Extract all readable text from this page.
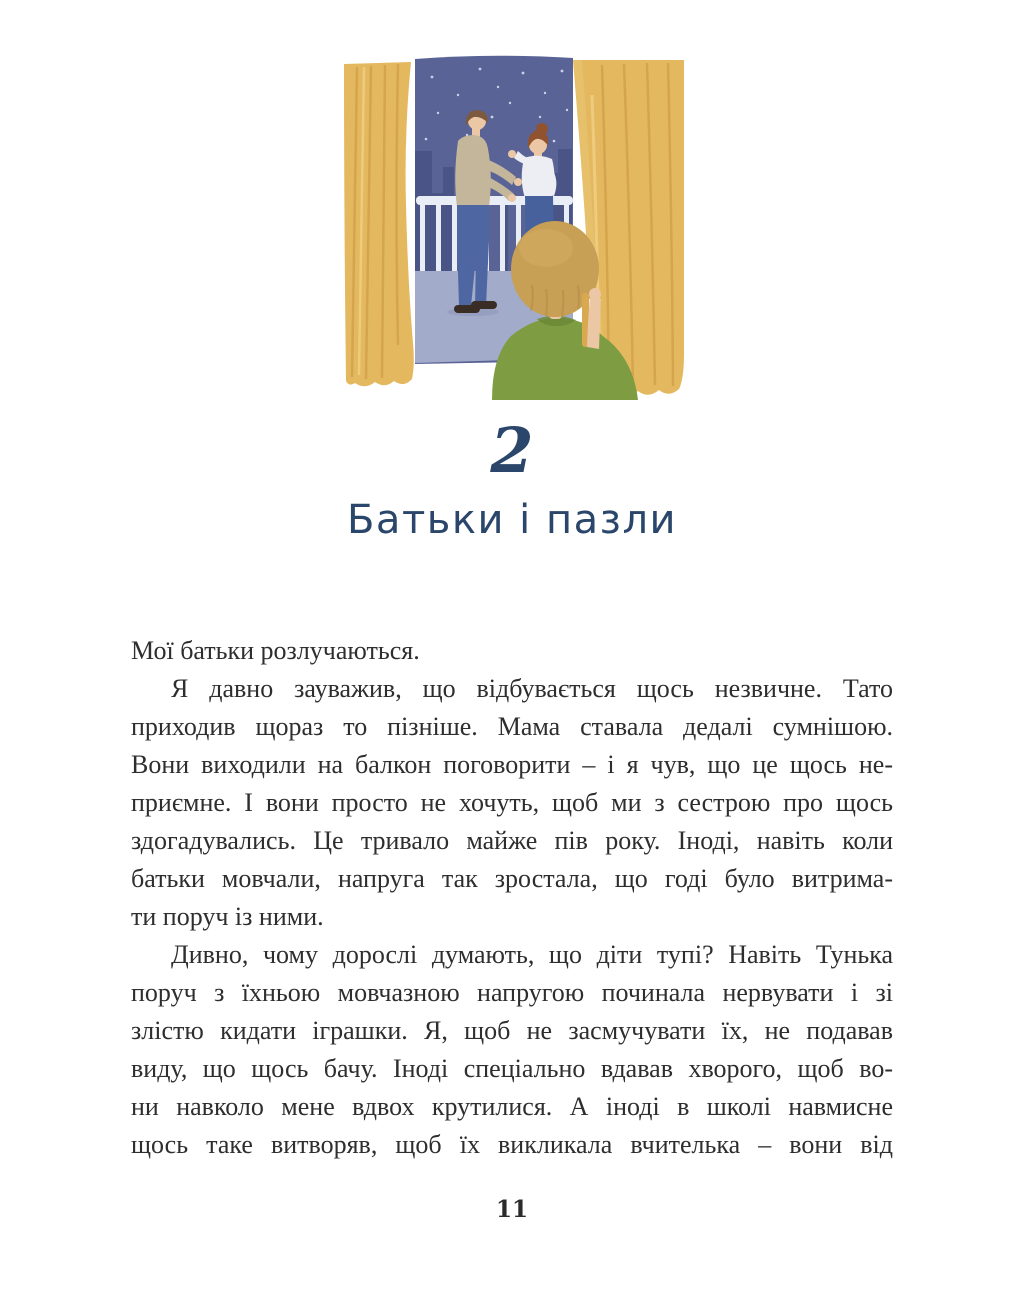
2
Батьки і пазли
Мої батьки розлучаються.
Я давно зауважив, що відбувається щось незвичне. Тато
приходив щораз то пізніше. Мама ставала дедалі сумнішою.
Вони виходили на балкон поговорити – і я чув, що це щось не-
приємне. І вони просто не хочуть, щоб ми з сестрою про щось
здогадувались. Це тривало майже пів року. Іноді, навіть коли
батьки мовчали, напруга так зростала, що годі було витрима-
ти поруч із ними.
Дивно, чому дорослі думають, що діти тупі? Навіть Тунька
поруч з їхньою мовчазною напругою починала нервувати і зі
злістю кидати іграшки. Я, щоб не засмучувати їх, не подавав
виду, що щось бачу. Іноді спеціально вдавав хворого, щоб во-
ни навколо мене вдвох крутилися. А іноді в школі навмисне
щось таке витворяв, щоб їх викликала вчителька – вони від
11
